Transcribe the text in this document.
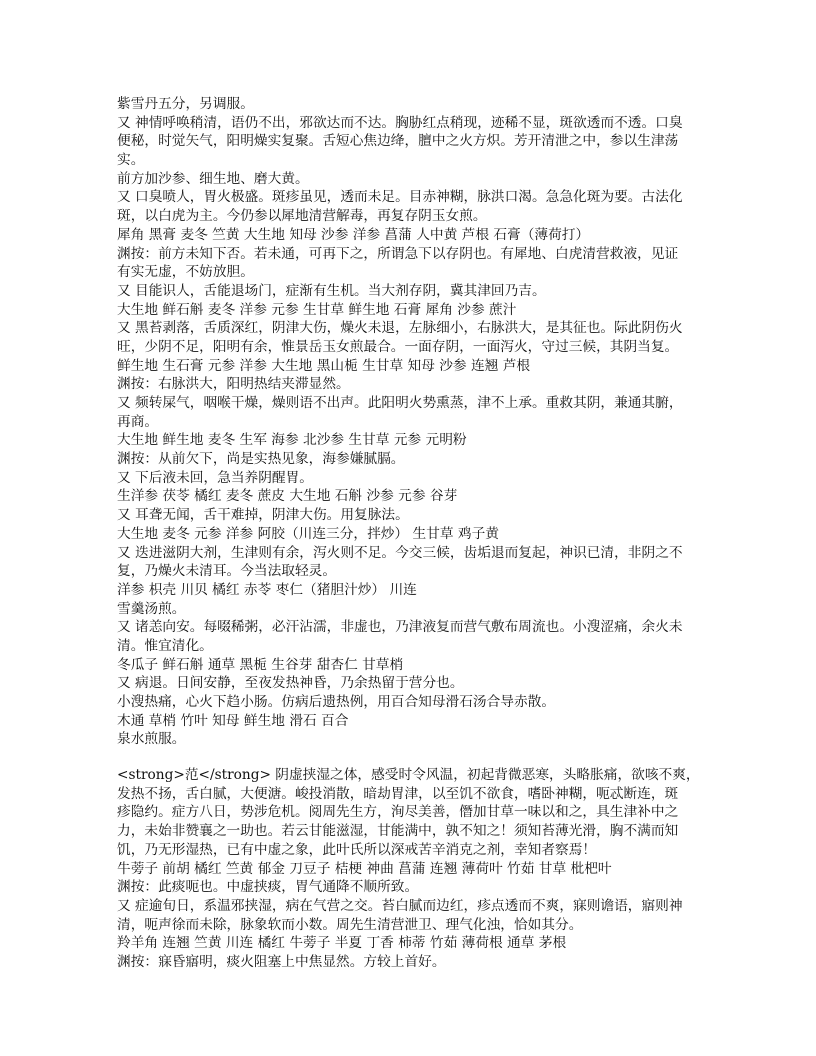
紫雪丹五分，另调服。
又 神情呼唤稍清，语仍不出，邪欲达而不达。胸胁红点稍现，迹稀不显，斑欲透而不透。口臭
便秘，时觉矢气，阳明燥实复聚。舌短心焦边绛，膻中之火方炽。芳开清泄之中，参以生津荡
实。
前方加沙参、细生地、磨大黄。
又 口臭喷人，胃火极盛。斑疹虽见，透而未足。目赤神糊，脉洪口渴。急急化斑为要。古法化
斑，以白虎为主。今仍参以犀地清营解毒，再复存阴玉女煎。
犀角 黑膏 麦冬 竺黄 大生地 知母 沙参 洋参 菖蒲 人中黄 芦根 石膏（薄荷打）
渊按：前方未知下否。若未通，可再下之，所谓急下以存阴也。有犀地、白虎清营救液，见证
有实无虚，不妨放胆。
又 目能识人，舌能退场门，症渐有生机。当大剂存阴，冀其津回乃吉。
大生地 鲜石斛 麦冬 洋参 元参 生甘草 鲜生地 石膏 犀角 沙参 蔗汁
又 黑苔剥落，舌质深红，阴津大伤，燥火未退，左脉细小，右脉洪大，是其征也。际此阴伤火
旺，少阴不足，阳明有余，惟景岳玉女煎最合。一面存阴，一面泻火，守过三候，其阴当复。
鲜生地 生石膏 元参 洋参 大生地 黑山栀 生甘草 知母 沙参 连翘 芦根
渊按：右脉洪大，阳明热结夹滞显然。
又 频转屎气，咽喉干燥，燥则语不出声。此阳明火势熏蒸，津不上承。重救其阴，兼通其腑，
再商。
大生地 鲜生地 麦冬 生军 海参 北沙参 生甘草 元参 元明粉
渊按：从前欠下，尚是实热见象，海参嫌腻膈。
又 下后液未回，急当养阴醒胃。
生洋参 茯苓 橘红 麦冬 蔗皮 大生地 石斛 沙参 元参 谷芽
又 耳聋无闻，舌干难掉，阴津大伤。用复脉法。
大生地 麦冬 元参 洋参 阿胶（川连三分，拌炒） 生甘草 鸡子黄
又 迭进滋阴大剂，生津则有余，泻火则不足。今交三候，齿垢退而复起，神识已清，非阴之不
复，乃燥火未清耳。今当法取轻灵。
洋参 枳壳 川贝 橘红 赤苓 枣仁（猪胆汁炒） 川连
雪羹汤煎。
又 诸恙向安。每啜稀粥，必汗沾濡，非虚也，乃津液复而营气敷布周流也。小溲涩痛，余火未
清。惟宜清化。
冬瓜子 鲜石斛 通草 黑栀 生谷芽 甜杏仁 甘草梢
又 病退。日间安静，至夜发热神昏，乃余热留于营分也。
小溲热痛，心火下趋小肠。仿病后遗热例，用百合知母滑石汤合导赤散。
木通 草梢 竹叶 知母 鲜生地 滑石 百合
泉水煎服。
<strong>范</strong> 阴虚挟湿之体，感受时令风温，初起背微恶寒，头略胀痛，欲咳不爽，
发热不扬，舌白腻，大便溏。峻投消散，暗劫胃津，以至饥不欲食，嗜卧神糊，呃忒断连，斑
疹隐约。症方八日，势涉危机。阅周先生方，洵尽美善，僭加甘草一味以和之，具生津补中之
力，未始非赞襄之一助也。若云甘能滋湿，甘能满中，孰不知之！须知苔薄光滑，胸不满而知
饥，乃无形湿热，已有中虚之象，此叶氏所以深戒苦辛消克之剂，幸知者察焉！
牛蒡子 前胡 橘红 竺黄 郁金 刀豆子 桔梗 神曲 菖蒲 连翘 薄荷叶 竹茹 甘草 枇杷叶
渊按：此痰呃也。中虚挟痰，胃气通降不顺所致。
又 症逾旬日，系温邪挟湿，病在气营之交。苔白腻而边红，疹点透而不爽，寐则谵语，寤则神
清，呃声徐而未除，脉象软而小数。周先生清营泄卫、理气化浊，恰如其分。
羚羊角 连翘 竺黄 川连 橘红 牛蒡子 半夏 丁香 柿蒂 竹茹 薄荷根 通草 茅根
渊按：寐昏寤明，痰火阻塞上中焦显然。方较上首好。
